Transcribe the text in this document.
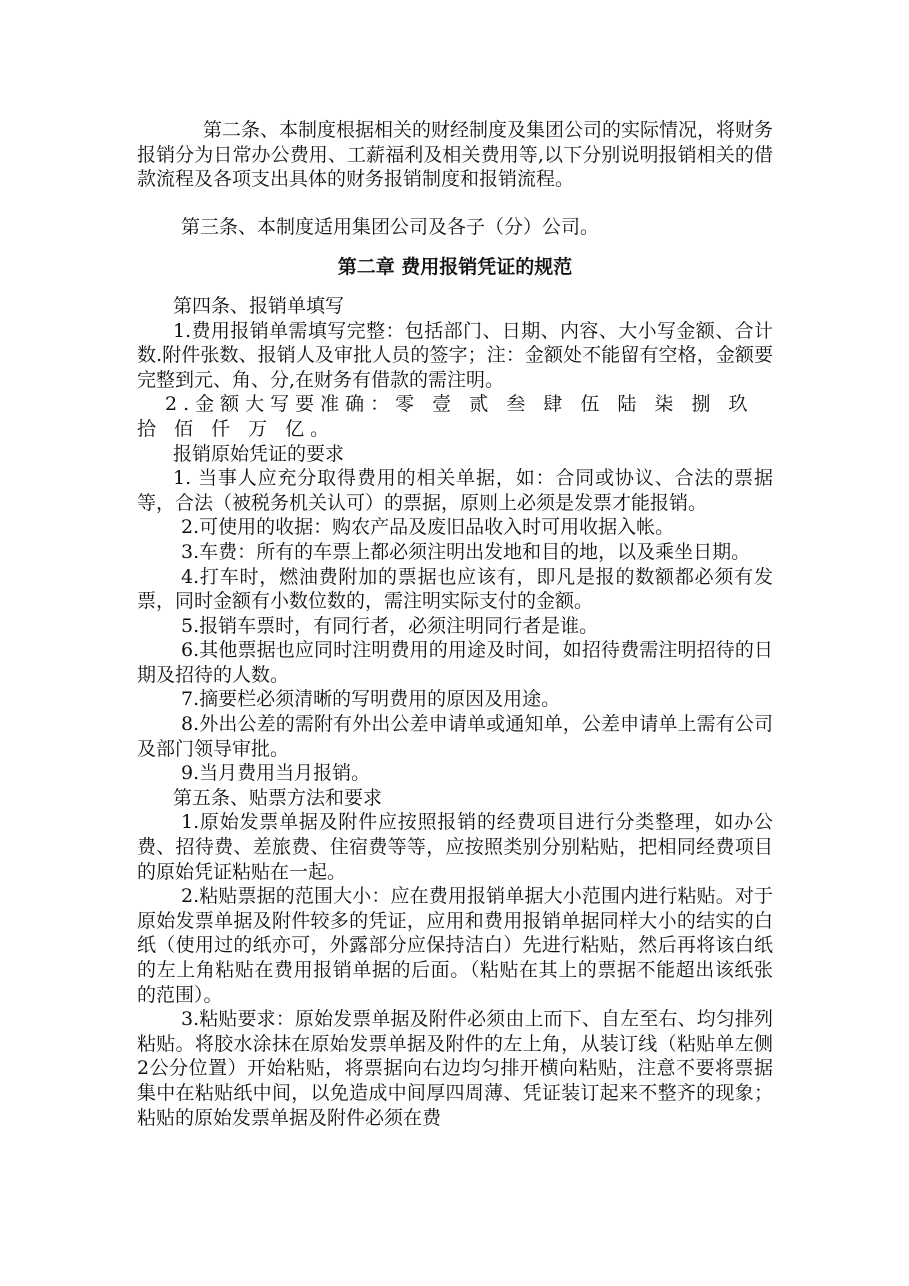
第二条、本制度根据相关的财经制度及集团公司的实际情况，将财务报销分为日常办公费用、工薪福利及相关费用等,以下分别说明报销相关的借款流程及各项支出具体的财务报销制度和报销流程。

第三条、本制度适用集团公司及各子（分）公司。

第二章 费用报销凭证的规范

第四条、报销单填写

1.费用报销单需填写完整：包括部门、日期、内容、大小写金额、合计数.附件张数、报销人及审批人员的签字；注：金额处不能留有空格，金额要完整到元、角、分,在财务有借款的需注明。

2.金额大写要准确：零 壹 贰 叁 肆 伍 陆 柒 捌 玖 拾 佰 仟 万 亿。

报销原始凭证的要求

1. 当事人应充分取得费用的相关单据，如：合同或协议、合法的票据等，合法（被税务机关认可）的票据，原则上必须是发票才能报销。

2.可使用的收据：购农产品及废旧品收入时可用收据入帐。

3.车费：所有的车票上都必须注明出发地和目的地，以及乘坐日期。

4.打车时，燃油费附加的票据也应该有，即凡是报的数额都必须有发票，同时金额有小数位数的，需注明实际支付的金额。

5.报销车票时，有同行者，必须注明同行者是谁。

6.其他票据也应同时注明费用的用途及时间，如招待费需注明招待的日期及招待的人数。

7.摘要栏必须清晰的写明费用的原因及用途。

8.外出公差的需附有外出公差申请单或通知单，公差申请单上需有公司及部门领导审批。

9.当月费用当月报销。

第五条、贴票方法和要求

1.原始发票单据及附件应按照报销的经费项目进行分类整理，如办公费、招待费、差旅费、住宿费等等，应按照类别分别粘贴，把相同经费项目的原始凭证粘贴在一起。

2.粘贴票据的范围大小：应在费用报销单据大小范围内进行粘贴。对于原始发票单据及附件较多的凭证，应用和费用报销单据同样大小的结实的白纸（使用过的纸亦可，外露部分应保持洁白）先进行粘贴，然后再将该白纸的左上角粘贴在费用报销单据的后面。（粘贴在其上的票据不能超出该纸张的范围）。

3.粘贴要求：原始发票单据及附件必须由上而下、自左至右、均匀排列粘贴。将胶水涂抹在原始发票单据及附件的左上角，从装订线（粘贴单左侧2公分位置）开始粘贴，将票据向右边均匀排开横向粘贴，注意不要将票据集中在粘贴纸中间，以免造成中间厚四周薄、凭证装订起来不整齐的现象；粘贴的原始发票单据及附件必须在费
